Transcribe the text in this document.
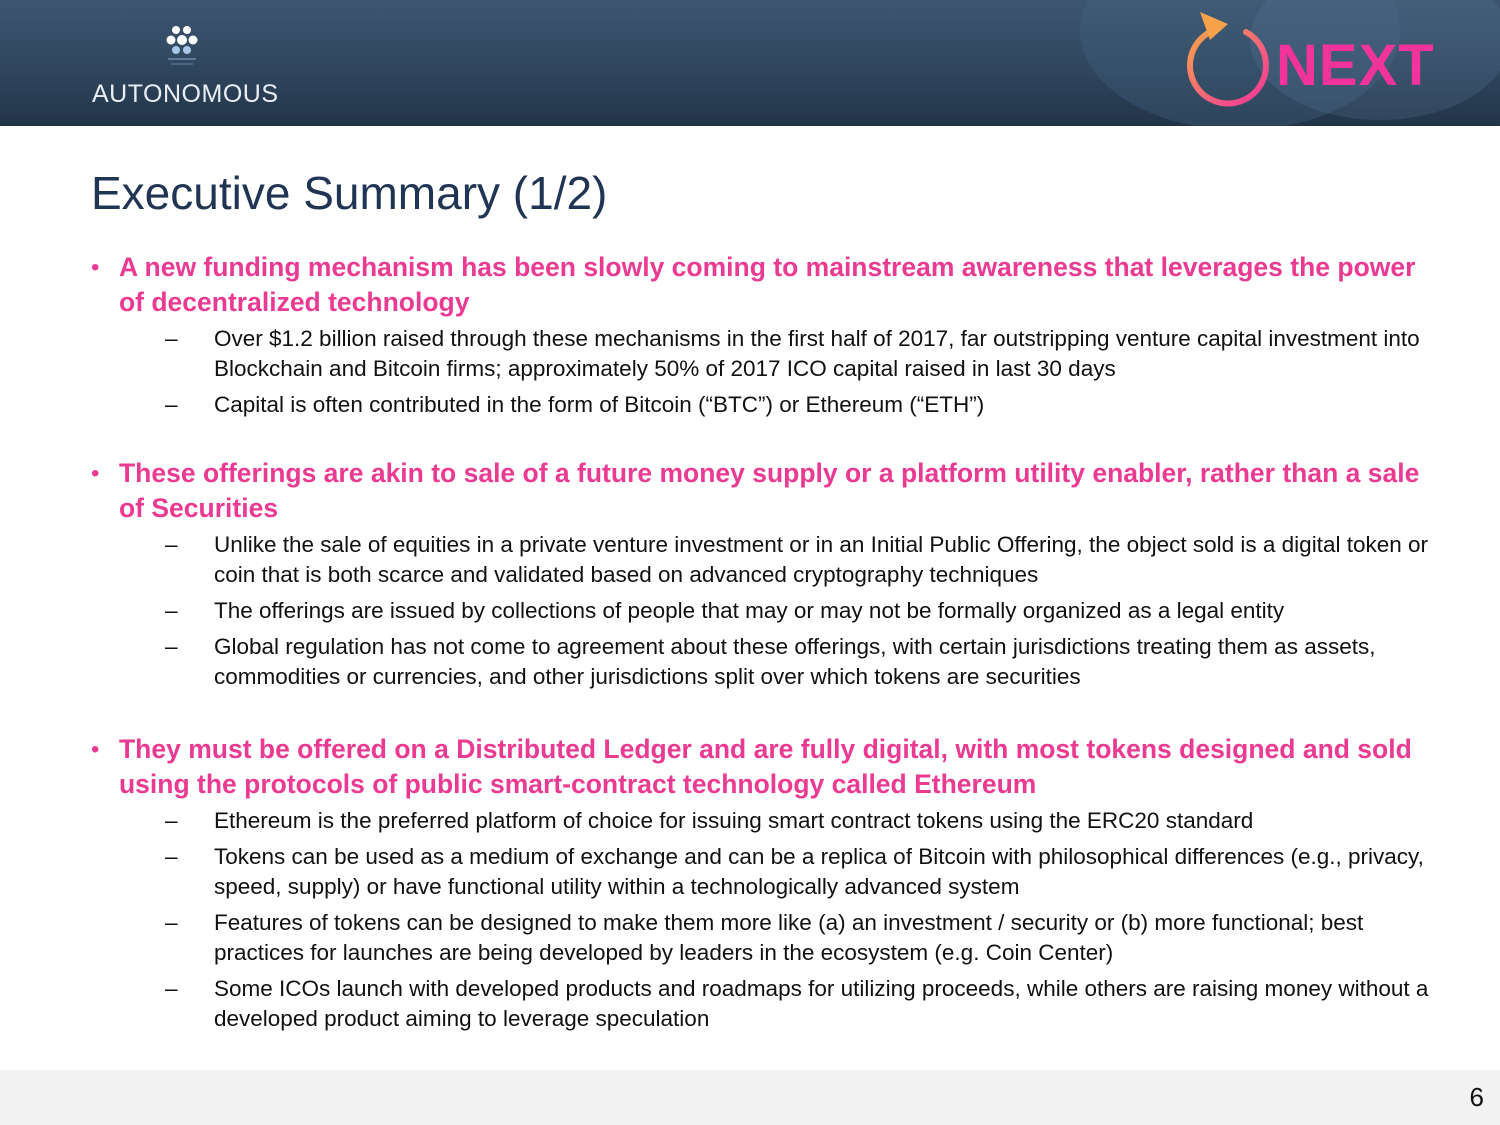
AUTONOMOUS	NEXT
Executive Summary (1/2)
• A new funding mechanism has been slowly coming to mainstream awareness that leverages the power of decentralized technology
–	Over $1.2 billion raised through these mechanisms in the first half of 2017, far outstripping venture capital investment into Blockchain and Bitcoin firms; approximately 50% of 2017 ICO capital raised in last 30 days
–	Capital is often contributed in the form of Bitcoin (“BTC”) or Ethereum (“ETH”)
• These offerings are akin to sale of a future money supply or a platform utility enabler, rather than a sale of Securities
–	Unlike the sale of equities in a private venture investment or in an Initial Public Offering, the object sold is a digital token or coin that is both scarce and validated based on advanced cryptography techniques
–	The offerings are issued by collections of people that may or may not be formally organized as a legal entity
–	Global regulation has not come to agreement about these offerings, with certain jurisdictions treating them as assets, commodities or currencies, and other jurisdictions split over which tokens are securities
• They must be offered on a Distributed Ledger and are fully digital, with most tokens designed and sold using the protocols of public smart-contract technology called Ethereum
–	Ethereum is the preferred platform of choice for issuing smart contract tokens using the ERC20 standard
–	Tokens can be used as a medium of exchange and can be a replica of Bitcoin with philosophical differences (e.g., privacy, speed, supply) or have functional utility within a technologically advanced system
–	Features of tokens can be designed to make them more like (a) an investment / security or (b) more functional; best practices for launches are being developed by leaders in the ecosystem (e.g. Coin Center)
–	Some ICOs launch with developed products and roadmaps for utilizing proceeds, while others are raising money without a developed product aiming to leverage speculation
6
